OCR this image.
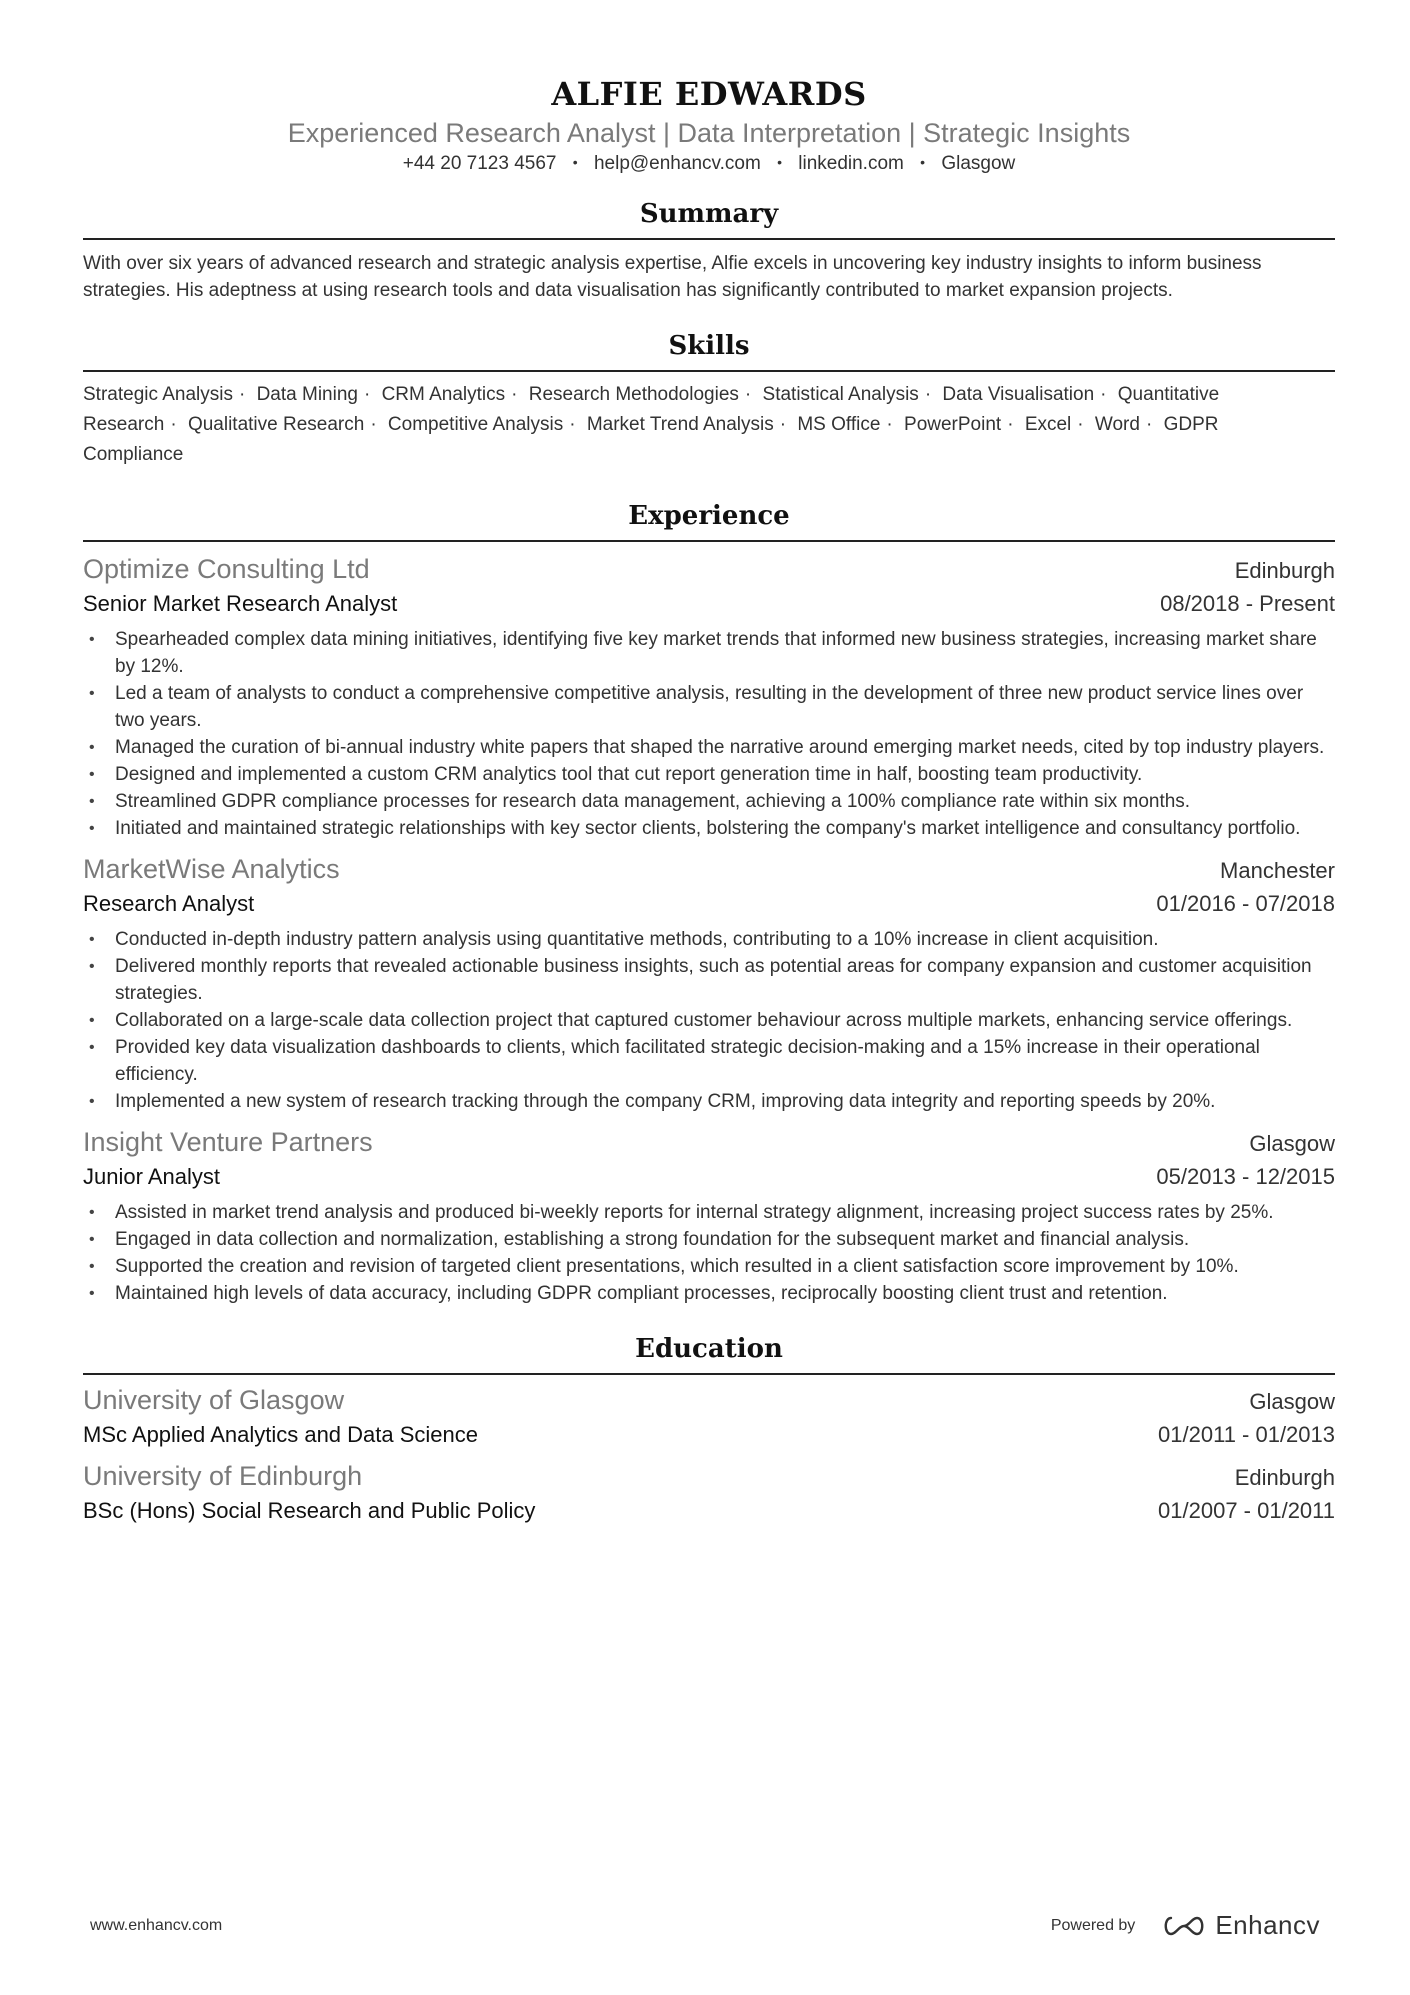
ALFIE EDWARDS
Experienced Research Analyst | Data Interpretation | Strategic Insights
+44 20 7123 4567 • help@enhancv.com • linkedin.com • Glasgow
Summary
With over six years of advanced research and strategic analysis expertise, Alfie excels in uncovering key industry insights to inform business strategies. His adeptness at using research tools and data visualisation has significantly contributed to market expansion projects.
Skills
Strategic Analysis · Data Mining · CRM Analytics · Research Methodologies · Statistical Analysis · Data Visualisation · Quantitative Research · Qualitative Research · Competitive Analysis · Market Trend Analysis · MS Office · PowerPoint · Excel · Word · GDPR Compliance
Experience
Optimize Consulting Ltd	Edinburgh
Senior Market Research Analyst	08/2018 - Present
• Spearheaded complex data mining initiatives, identifying five key market trends that informed new business strategies, increasing market share by 12%.
• Led a team of analysts to conduct a comprehensive competitive analysis, resulting in the development of three new product service lines over two years.
• Managed the curation of bi-annual industry white papers that shaped the narrative around emerging market needs, cited by top industry players.
• Designed and implemented a custom CRM analytics tool that cut report generation time in half, boosting team productivity.
• Streamlined GDPR compliance processes for research data management, achieving a 100% compliance rate within six months.
• Initiated and maintained strategic relationships with key sector clients, bolstering the company's market intelligence and consultancy portfolio.
MarketWise Analytics	Manchester
Research Analyst	01/2016 - 07/2018
• Conducted in-depth industry pattern analysis using quantitative methods, contributing to a 10% increase in client acquisition.
• Delivered monthly reports that revealed actionable business insights, such as potential areas for company expansion and customer acquisition strategies.
• Collaborated on a large-scale data collection project that captured customer behaviour across multiple markets, enhancing service offerings.
• Provided key data visualization dashboards to clients, which facilitated strategic decision-making and a 15% increase in their operational efficiency.
• Implemented a new system of research tracking through the company CRM, improving data integrity and reporting speeds by 20%.
Insight Venture Partners	Glasgow
Junior Analyst	05/2013 - 12/2015
• Assisted in market trend analysis and produced bi-weekly reports for internal strategy alignment, increasing project success rates by 25%.
• Engaged in data collection and normalization, establishing a strong foundation for the subsequent market and financial analysis.
• Supported the creation and revision of targeted client presentations, which resulted in a client satisfaction score improvement by 10%.
• Maintained high levels of data accuracy, including GDPR compliant processes, reciprocally boosting client trust and retention.
Education
University of Glasgow	Glasgow
MSc Applied Analytics and Data Science	01/2011 - 01/2013
University of Edinburgh	Edinburgh
BSc (Hons) Social Research and Public Policy	01/2007 - 01/2011
www.enhancv.com	Powered by	Enhancv
